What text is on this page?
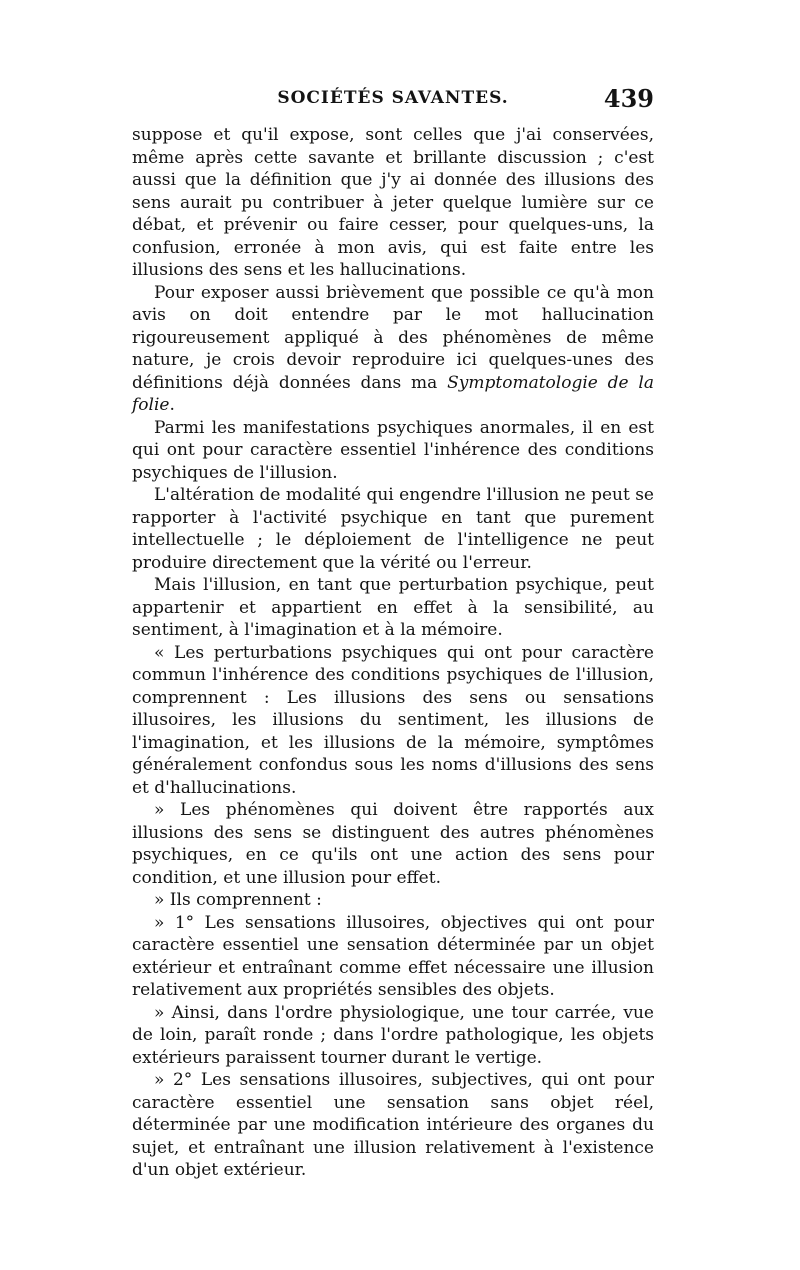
SOCIÉTÉS SAVANTES.	439

suppose et qu'il expose, sont celles que j'ai conservées, même après cette savante et brillante discussion ; c'est aussi que la définition que j'y ai donnée des illusions des sens aurait pu contribuer à jeter quelque lumière sur ce débat, et prévenir ou faire cesser, pour quelques-uns, la confusion, erronée à mon avis, qui est faite entre les illusions des sens et les hallucinations.

Pour exposer aussi brièvement que possible ce qu'à mon avis on doit entendre par le mot hallucination rigoureusement appliqué à des phénomènes de même nature, je crois devoir reproduire ici quelques-unes des définitions déjà données dans ma Symptomatologie de la folie.

Parmi les manifestations psychiques anormales, il en est qui ont pour caractère essentiel l'inhérence des conditions psychiques de l'illusion.

L'altération de modalité qui engendre l'illusion ne peut se rapporter à l'activité psychique en tant que purement intellectuelle ; le déploiement de l'intelligence ne peut produire directement que la vérité ou l'erreur.

Mais l'illusion, en tant que perturbation psychique, peut appartenir et appartient en effet à la sensibilité, au sentiment, à l'imagination et à la mémoire.

« Les perturbations psychiques qui ont pour caractère commun l'inhérence des conditions psychiques de l'illusion, comprennent : Les illusions des sens ou sensations illusoires, les illusions du sentiment, les illusions de l'imagination, et les illusions de la mémoire, symptômes généralement confondus sous les noms d'illusions des sens et d'hallucinations.

» Les phénomènes qui doivent être rapportés aux illusions des sens se distinguent des autres phénomènes psychiques, en ce qu'ils ont une action des sens pour condition, et une illusion pour effet.

» Ils comprennent :

» 1° Les sensations illusoires, objectives qui ont pour caractère essentiel une sensation déterminée par un objet extérieur et entraînant comme effet nécessaire une illusion relativement aux propriétés sensibles des objets.

» Ainsi, dans l'ordre physiologique, une tour carrée, vue de loin, paraît ronde ; dans l'ordre pathologique, les objets extérieurs paraissent tourner durant le vertige.

» 2° Les sensations illusoires, subjectives, qui ont pour caractère essentiel une sensation sans objet réel, déterminée par une modification intérieure des organes du sujet, et entraînant une illusion relativement à l'existence d'un objet extérieur.
